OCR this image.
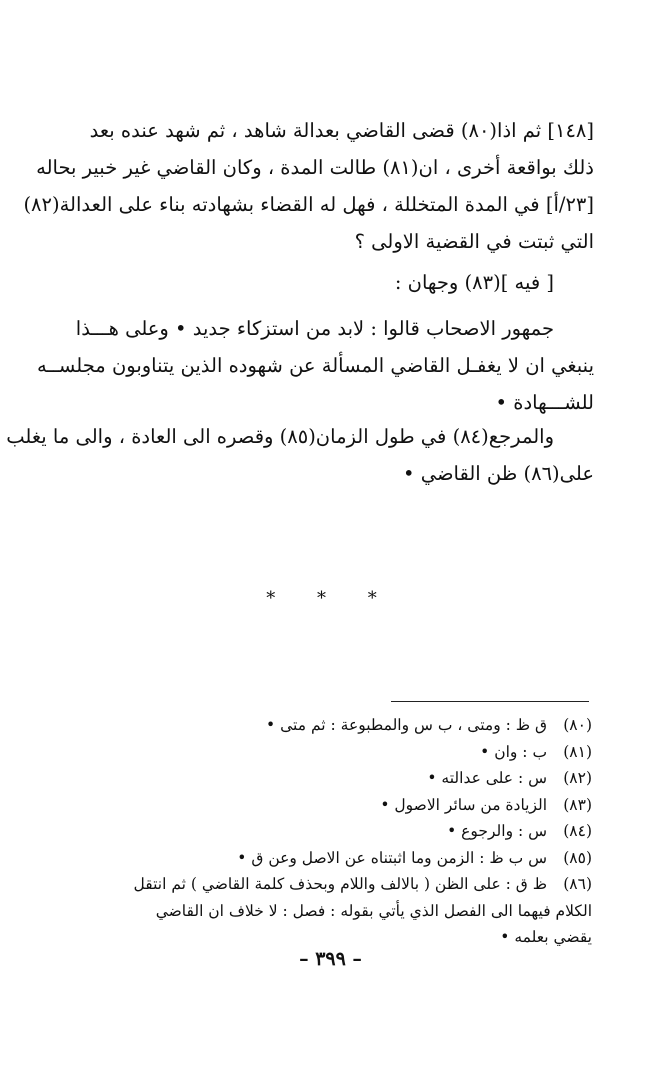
[١٤٨] ثم اذا(٨٠) قضى القاضي بعدالة شاهد ، ثم شهد عنده بعد
ذلك بواقعة أخرى ، ان(٨١) طالت المدة ، وكان القاضي غير خبير بحاله
[٢٣/أ] في المدة المتخللة ، فهل له القضاء بشهادته بناء على العدالة(٨٢)
التي ثبتت في القضية الاولى ؟
[ فيه ](٨٣) وجهان :
جمهور الاصحاب قالوا : لابد من استزكاء جديد • وعلى هـــذا
ينبغي ان لا يغفـل القاضي المسألة عن شهوده الذين يتناوبون مجلســه
للشـــهادة •
والمرجع(٨٤) في طول الزمان(٨٥) وقصره الى العادة ، والى ما يغلب
على(٨٦) ظن القاضي •
* * *
(٨٠) ق ظ : ومتى ، ب س والمطبوعة : ثم متى •
(٨١) ب : وان •
(٨٢) س : على عدالته •
(٨٣) الزيادة من سائر الاصول •
(٨٤) س : والرجوع •
(٨٥) س ب ظ : الزمن وما اثبتناه عن الاصل وعن ق •
(٨٦) ظ ق : على الظن ( بالالف واللام وبحذف كلمة القاضي ) ثم انتقل
الكلام فيهما الى الفصل الذي يأتي بقوله : فصل : لا خلاف ان القاضي
يقضي بعلمه •
– ٣٩٩ –
